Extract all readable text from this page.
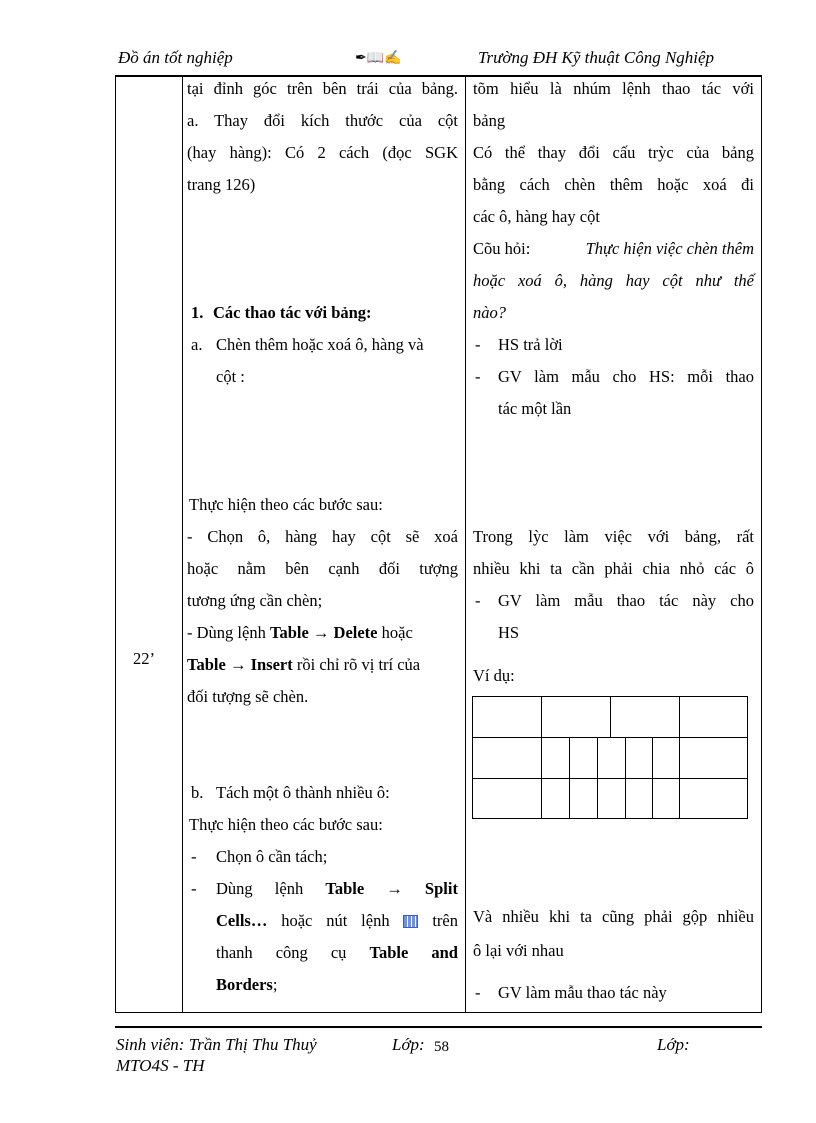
Đồ án tốt nghiệp	✒📖✍	Trường ĐH Kỹ thuật Công Nghiệp
22’
tại đỉnh góc trên bên trái của bảng.
a. Thay đổi kích thước của cột
(hay hàng): Có 2 cách (đọc SGK
trang 126)
1. Các thao tác với bảng:
a. Chèn thêm hoặc xoá ô, hàng và
cột :
Thực hiện theo các bước sau:
- Chọn ô, hàng hay cột sẽ xoá
hoặc nằm bên cạnh đối tượng
tương ứng cần chèn;
- Dùng lệnh Table → Delete hoặc
Table → Insert rồi chỉ rõ vị trí của
đối tượng sẽ chèn.
b. Tách một ô thành nhiều ô:
Thực hiện theo các bước sau:
- Chọn ô cần tách;
- Dùng lệnh Table → Split
Cells… hoặc nút lệnh	trên
thanh công cụ Table and
Borders;
tõm hiểu là nhúm lệnh thao tác với
bảng
Có thể thay đổi cấu trỳc của bảng
bằng cách chèn thêm hoặc xoá đi
các ô, hàng hay cột
Cõu hỏi:	Thực hiện việc chèn thêm
hoặc xoá ô, hàng hay cột như thế
nào?
- HS trả lời
- GV làm mẫu cho HS: mỗi thao
tác một lần
Trong lỳc làm việc với bảng, rất
nhiều khi ta cần phải chia nhỏ các ô
- GV làm mẫu thao tác này cho
HS
Ví dụ:
Và nhiều khi ta cũng phải gộp nhiều
ô lại với nhau
- GV làm mẫu thao tác này
Sinh viên: Trần Thị Thu Thuỷ	Lớp: 58	Lớp:
MTO4S - TH
